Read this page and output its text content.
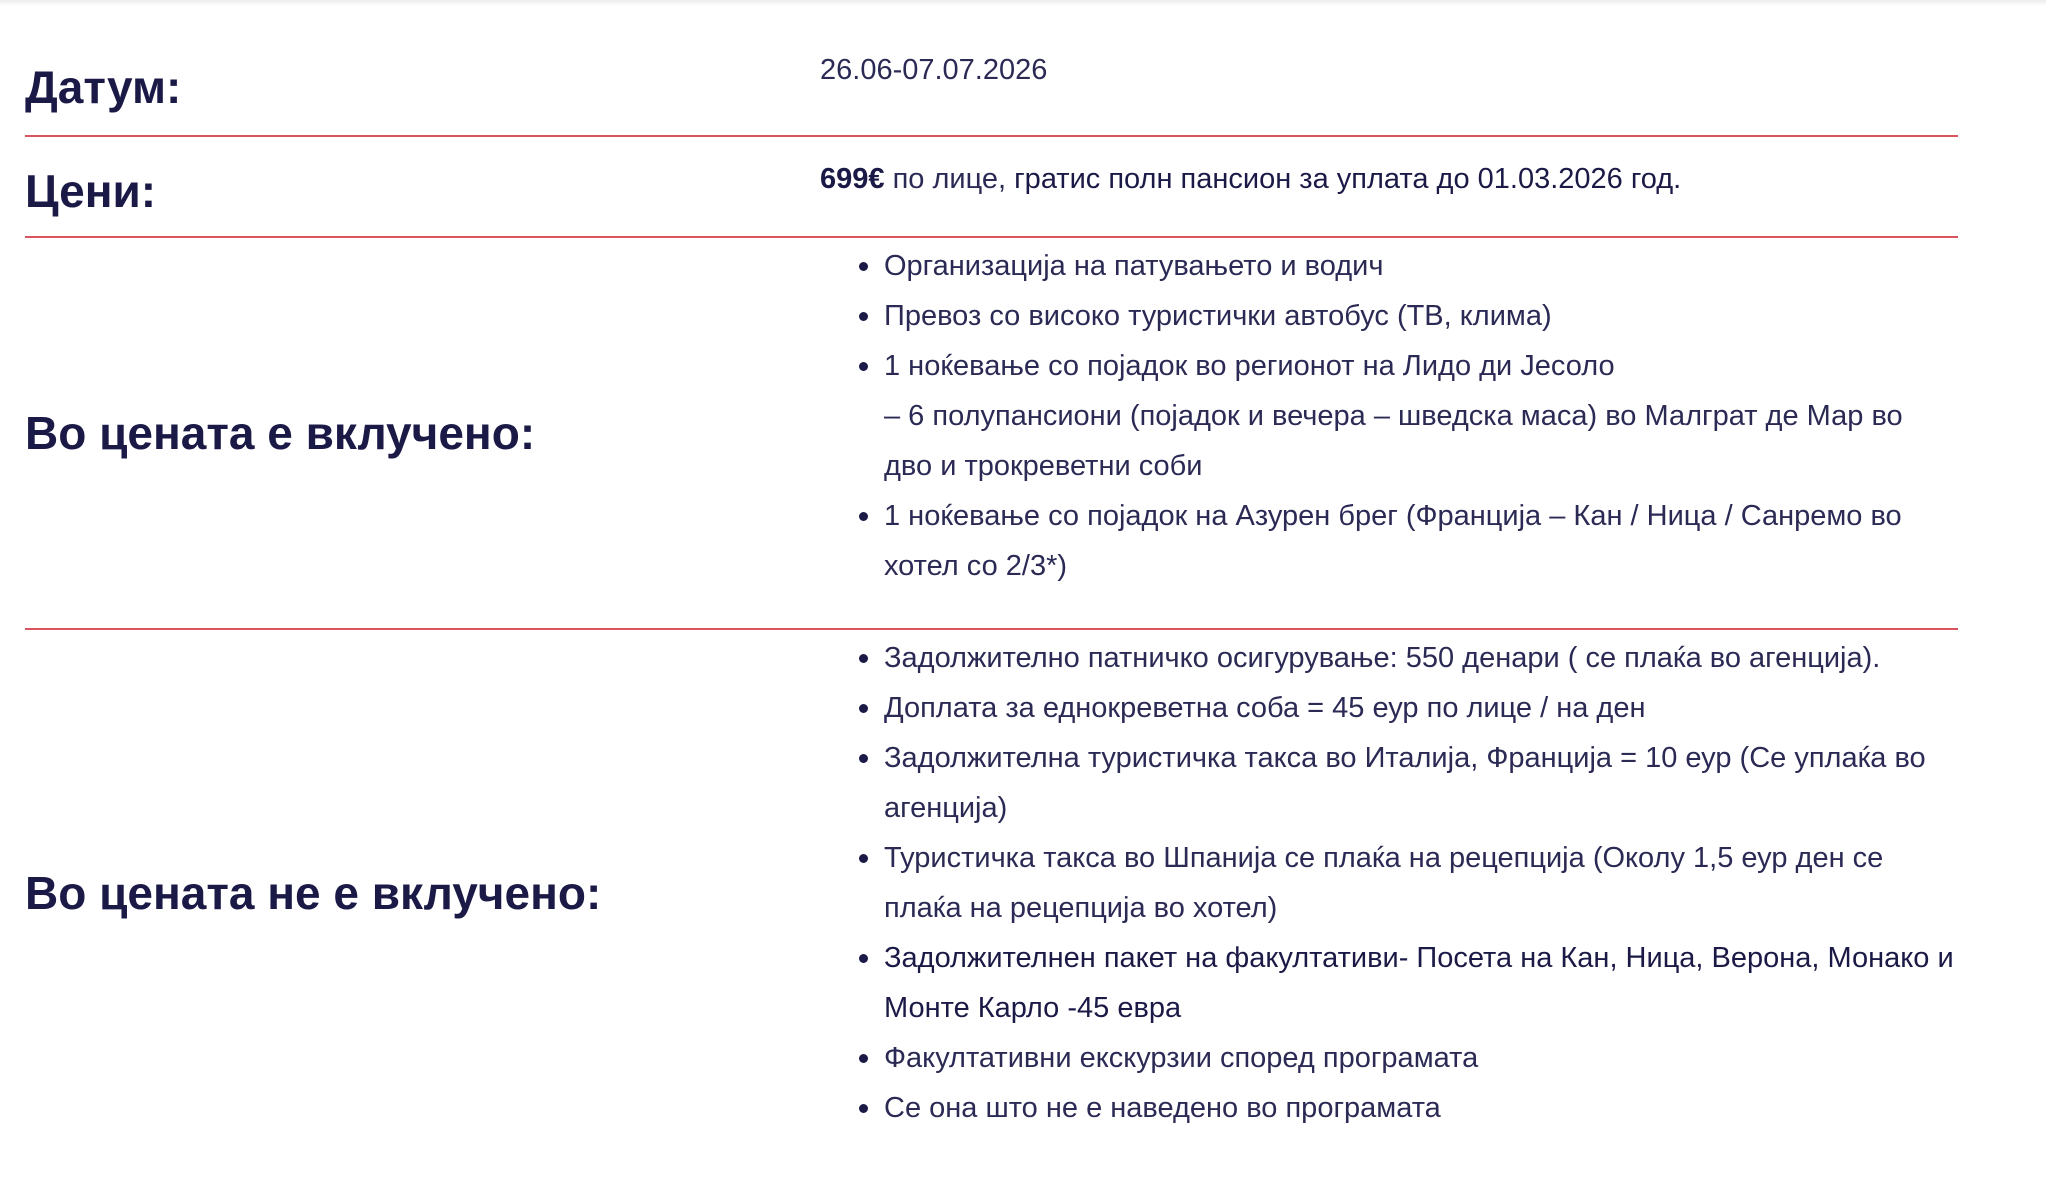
Датум:	26.06-07.07.2026
Цени:	699€ по лице, гратис полн пансион за уплата до 01.03.2026 год.
Во цената е вклучено:
Организација на патувањето и водич
Превоз со високо туристички автобус (ТВ, клима)
1 ноќевање со појадок во регионот на Лидо ди Јесоло
– 6 полупансиони (појадок и вечера – шведска маса) во Малграт де Мар во дво и трокреветни соби
1 ноќевање со појадок на Азурен брег (Франција – Кан / Ница / Санремо во хотел со 2/3*)
Во цената не е вклучено:
Задолжително патничко осигурување: 550 денари ( се плаќа во агенција).
Доплата за еднокреветна соба = 45 еур по лице / на ден
Задолжителна туристичка такса во Италија, Франција = 10 еур (Се уплаќа во агенција)
Туристичка такса во Шпанија се плаќа на рецепција (Околу 1,5 еур ден се плаќа на рецепција во хотел)
Задолжителнен пакет на факултативи- Посета на Кан, Ница, Верона, Монако и Монте Карло -45 евра
Факултативни екскурзии според програмата
Се она што не е наведено во програмата
